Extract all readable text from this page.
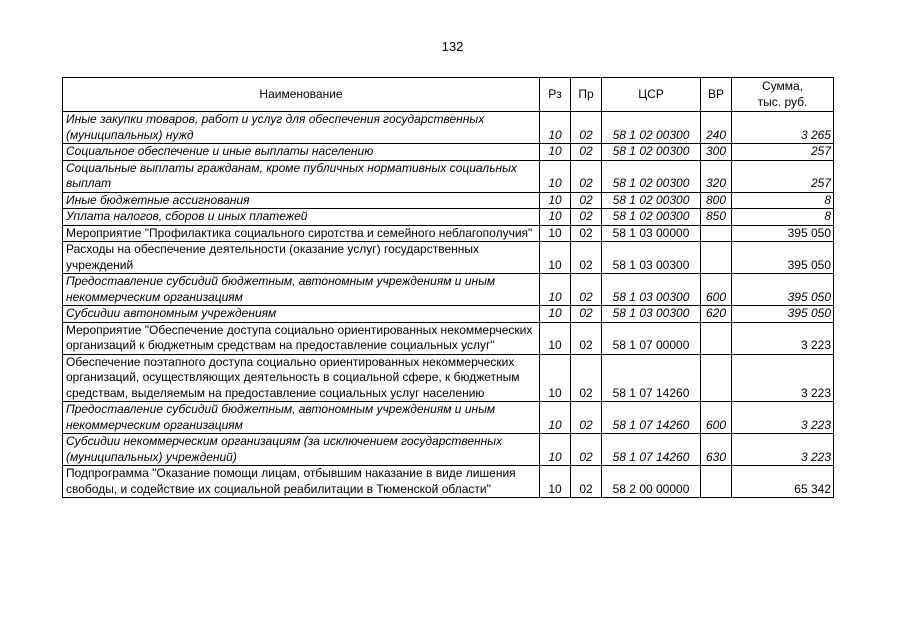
132
Наименование	Рз	Пр	ЦСР	ВР	Сумма,
тыс. руб.

Иные закупки товаров, работ и услуг для обеспечения государственных (муниципальных) нужд	10	02	58 1 02 00300	240	3 265
Социальное обеспечение и иные выплаты населению	10	02	58 1 02 00300	300	257
Социальные выплаты гражданам, кроме публичных нормативных социальных выплат	10	02	58 1 02 00300	320	257
Иные бюджетные ассигнования	10	02	58 1 02 00300	800	8
Уплата налогов, сборов и иных платежей	10	02	58 1 02 00300	850	8
Мероприятие "Профилактика социального сиротства и семейного неблагополучия"	10	02	58 1 03 00000		395 050
Расходы на обеспечение деятельности (оказание услуг) государственных учреждений	10	02	58 1 03 00300		395 050
Предоставление субсидий бюджетным, автономным учреждениям и иным некоммерческим организациям	10	02	58 1 03 00300	600	395 050
Субсидии автономным учреждениям	10	02	58 1 03 00300	620	395 050
Мероприятие "Обеспечение доступа социально ориентированных некоммерческих организаций к бюджетным средствам на предоставление социальных услуг"	10	02	58 1 07 00000		3 223
Обеспечение поэтапного доступа социально ориентированных некоммерческих организаций, осуществляющих деятельность в социальной сфере, к бюджетным средствам, выделяемым на предоставление социальных услуг населению	10	02	58 1 07 14260		3 223
Предоставление субсидий бюджетным, автономным учреждениям и иным некоммерческим организациям	10	02	58 1 07 14260	600	3 223
Субсидии некоммерческим организациям (за исключением государственных (муниципальных) учреждений)	10	02	58 1 07 14260	630	3 223
Подпрограмма "Оказание помощи лицам, отбывшим наказание в виде лишения свободы, и содействие их социальной реабилитации в Тюменской области"	10	02	58 2 00 00000		65 342
